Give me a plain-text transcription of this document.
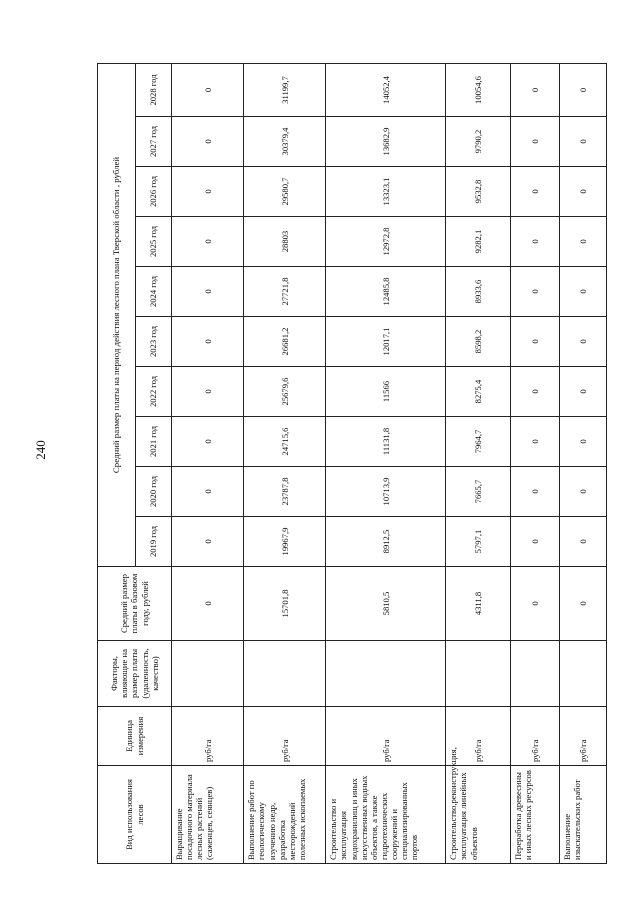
240
Вид использования лесов	Единица измерения	Факторы, влияющие на размер платы (удаленность, качество)	Средний размер платы в базовом году, рублей	Средний размер платы на период действия лесного плана Тверской области , рублей									
				2019 год	2020 год	2021 год	2022 год	2023 год	2024 год	2025 год	2026 год	2027 год	2028 год
Выращивание посадочного материала лесных растений (саженцев, сеянцев)	руб/га		0	0	0	0	0	0	0	0	0	0	0
Выполнение работ по геологическому изучению недр, разработка месторождений полезных ископаемых	руб/га		15701,8	19967,9	23787,8	24715,6	25679,6	26681,2	27721,8	28803	29580,7	30379,4	31199,7
Строительство и эксплуатация водохранилищ и иных искусственных водных объектов, а также гидротехнических сооружений и специализированных портов	руб/га		5810,5	8912,5	10713,9	11131,8	11566	12017,1	12485,8	12972,8	13323,1	13682,9	14052,4
Строительство,реконструкция, эксплуатация линейных объектов	руб/га		4311,8	5797,1	7665,7	7964,7	8275,4	8598,2	8933,6	9282,1	9532,8	9790,2	10054,6
Переработка древесины и иных лесных ресурсов	руб/га		0	0	0	0	0	0	0	0	0	0	0
Выполнение изыскательских работ	руб/га		0	0	0	0	0	0	0	0	0	0	0
